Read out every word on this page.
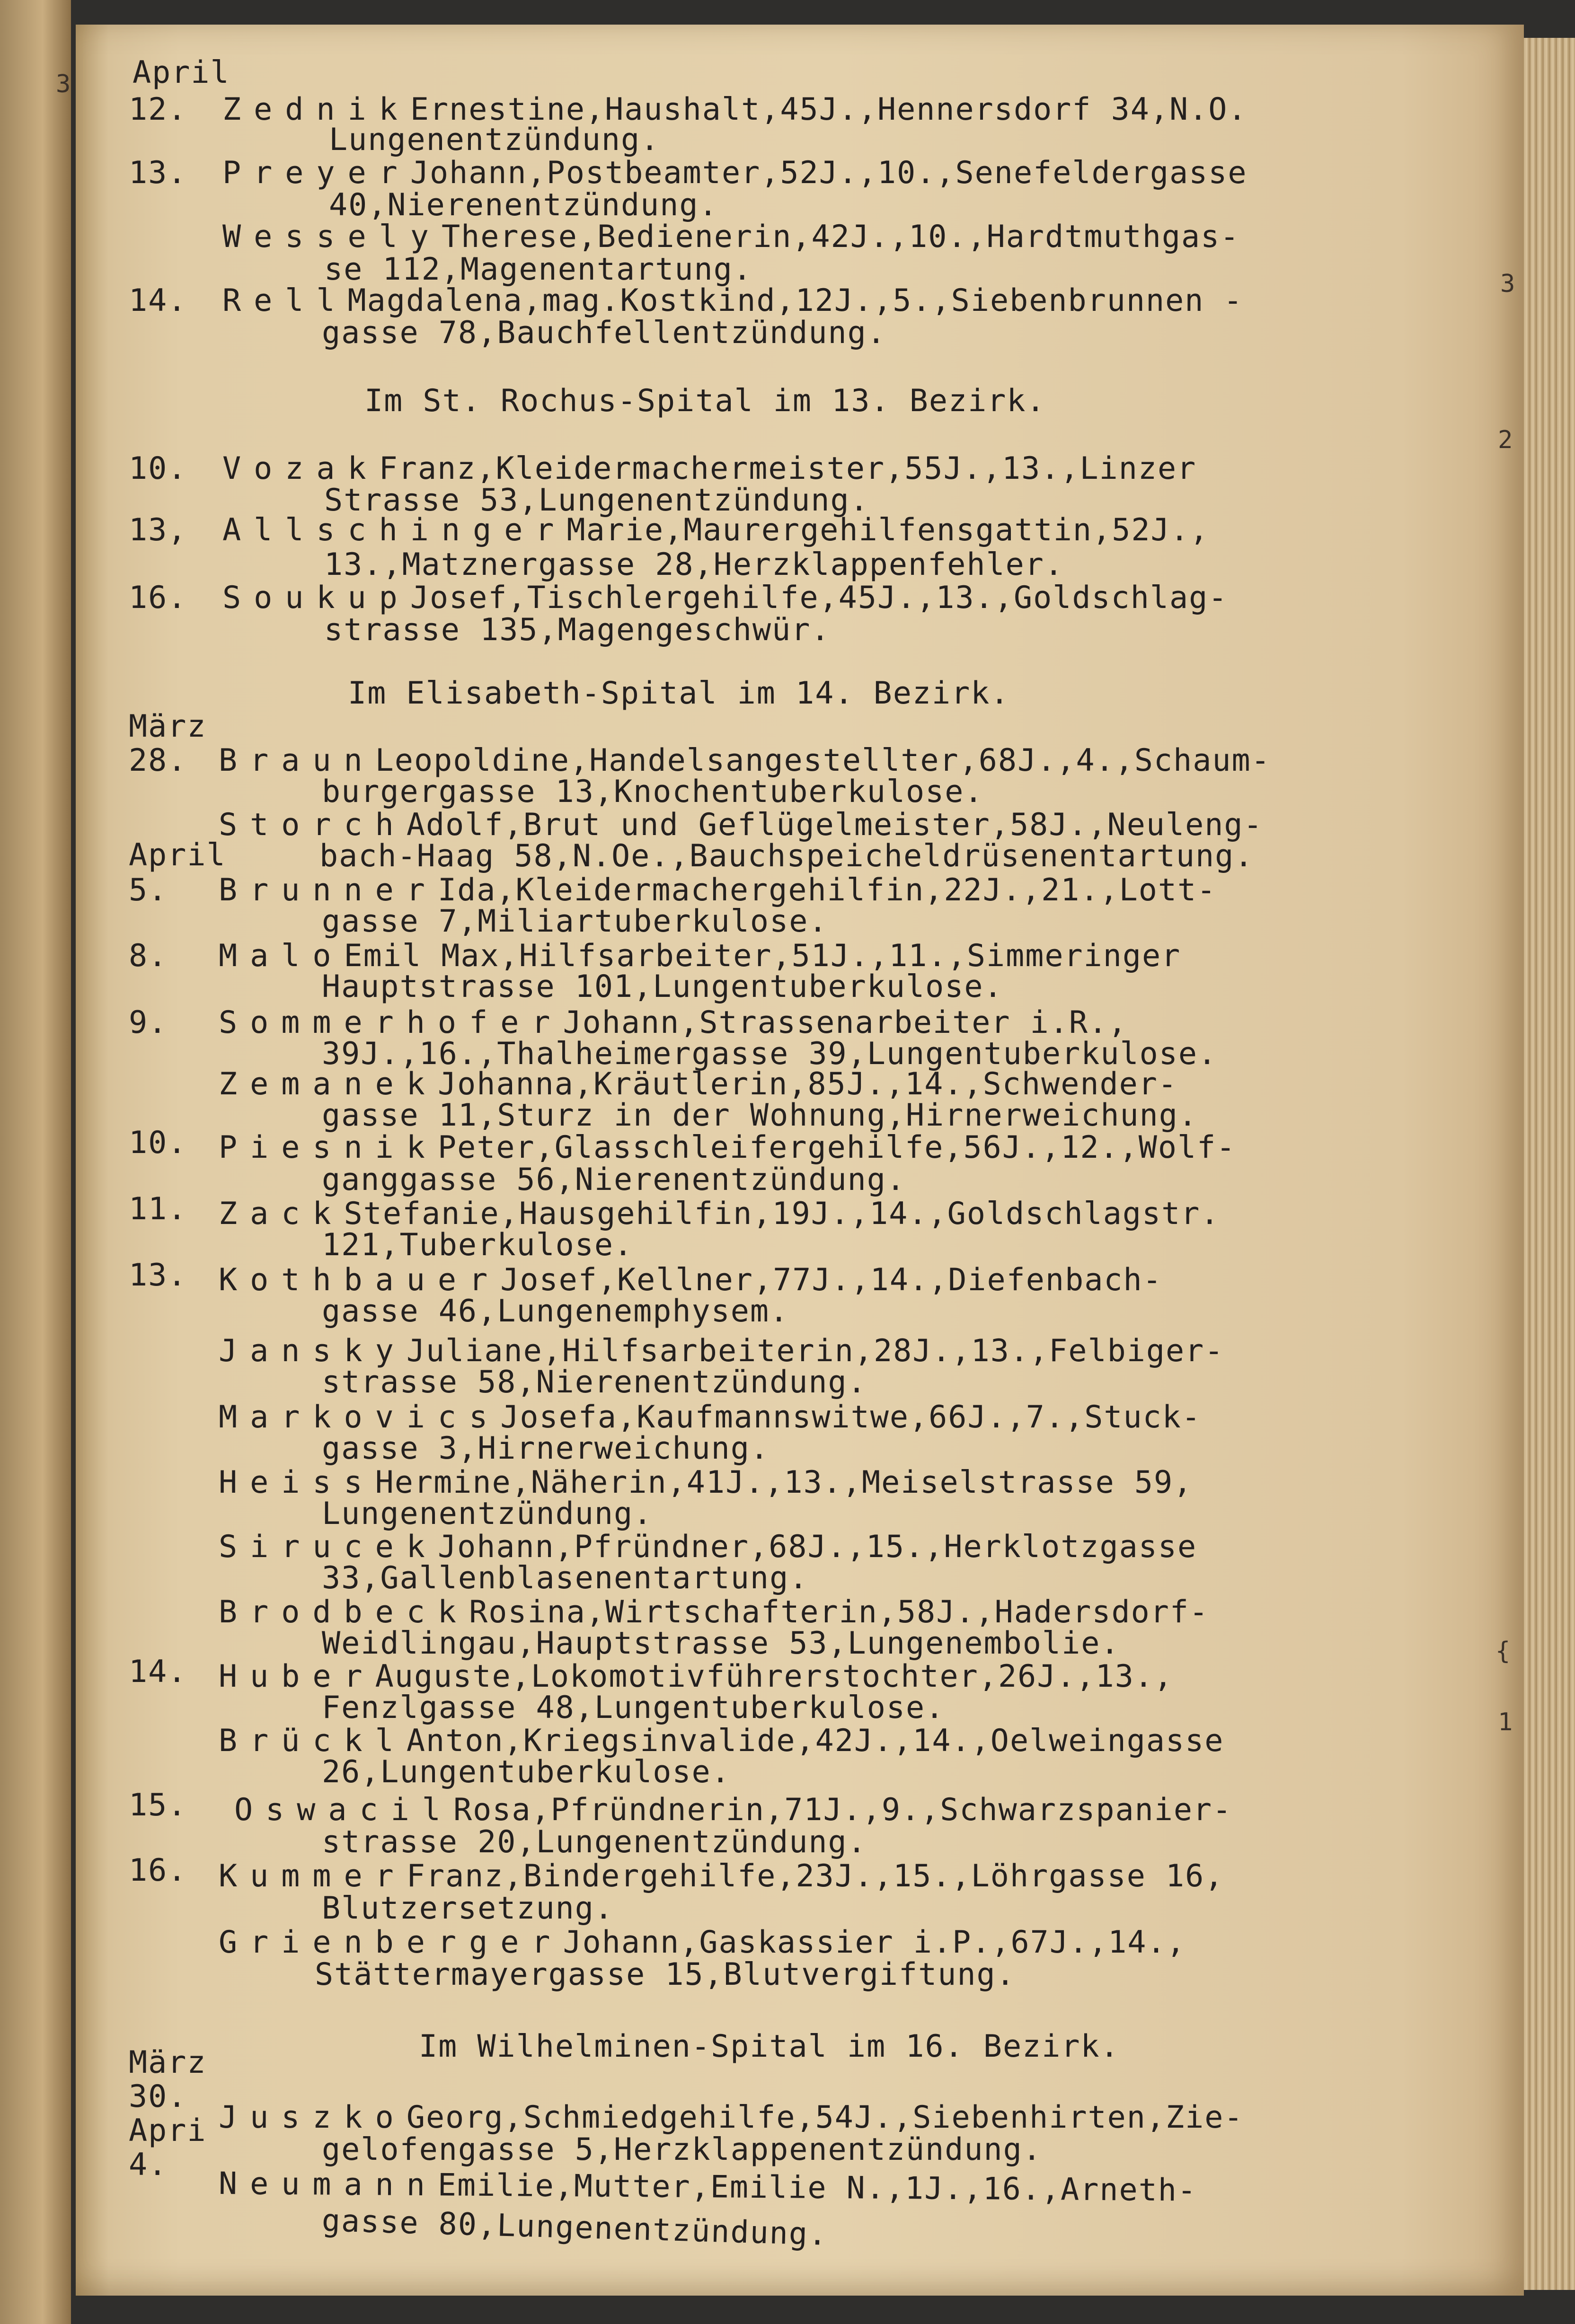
3 April
März
April
März
Apri
12.
13.
14.
10.
13,
16.
28.
5.
8.
9.
10.
11.
13.
14.
15.
16.
30.
4.
Im St. Rochus-Spital im 13. Bezirk.
Im Elisabeth-Spital im 14. Bezirk.
Im Wilhelminen-Spital im 16. Bezirk.
ZednikErnestine,Haushalt,45J.,Hennersdorf 34,N.O.
Lungenentzündung.
PreyerJohann,Postbeamter,52J.,10.,Senefeldergasse
40,Nierenentzündung.
WesselyTherese,Bedienerin,42J.,10.,Hardtmuthgas-
se 112,Magenentartung.
RellMagdalena,mag.Kostkind,12J.,5.,Siebenbrunnen -
gasse 78,Bauchfellentzündung.
VozakFranz,Kleidermachermeister,55J.,13.,Linzer
Strasse 53,Lungenentzündung.
AllschingerMarie,Maurergehilfensgattin,52J.,
13.,Matznergasse 28,Herzklappenfehler.
SoukupJosef,Tischlergehilfe,45J.,13.,Goldschlag-
strasse 135,Magengeschwür.
BraunLeopoldine,Handelsangestellter,68J.,4.,Schaum-
burgergasse 13,Knochentuberkulose.
StorchAdolf,Brut und Geflügelmeister,58J.,Neuleng-
bach-Haag 58,N.Oe.,Bauchspeicheldrüsenentartung.
BrunnerIda,Kleidermachergehilfin,22J.,21.,Lott-
gasse 7,Miliartuberkulose.
MaloEmil Max,Hilfsarbeiter,51J.,11.,Simmeringer
Hauptstrasse 101,Lungentuberkulose.
SommerhoferJohann,Strassenarbeiter i.R.,
39J.,16.,Thalheimergasse 39,Lungentuberkulose.
ZemanekJohanna,Kräutlerin,85J.,14.,Schwender-
gasse 11,Sturz in der Wohnung,Hirnerweichung.
PiesnikPeter,Glasschleifergehilfe,56J.,12.,Wolf-
ganggasse 56,Nierenentzündung.
ZackStefanie,Hausgehilfin,19J.,14.,Goldschlagstr.
121,Tuberkulose.
KothbauerJosef,Kellner,77J.,14.,Diefenbach-
gasse 46,Lungenemphysem.
JanskyJuliane,Hilfsarbeiterin,28J.,13.,Felbiger-
strasse 58,Nierenentzündung.
MarkovicsJosefa,Kaufmannswitwe,66J.,7.,Stuck-
gasse 3,Hirnerweichung.
HeissHermine,Näherin,41J.,13.,Meiselstrasse 59,
Lungenentzündung.
SirucekJohann,Pfründner,68J.,15.,Herklotzgasse
33,Gallenblasenentartung.
BrodbeckRosina,Wirtschafterin,58J.,Hadersdorf-
Weidlingau,Hauptstrasse 53,Lungenembolie.
HuberAuguste,Lokomotivführerstochter,26J.,13.,
Fenzlgasse 48,Lungentuberkulose.
BrücklAnton,Kriegsinvalide,42J.,14.,Oelweingasse
26,Lungentuberkulose.
OswacilRosa,Pfründnerin,71J.,9.,Schwarzspanier-
strasse 20,Lungenentzündung.
KummerFranz,Bindergehilfe,23J.,15.,Löhrgasse 16,
Blutzersetzung.
GrienbergerJohann,Gaskassier i.P.,67J.,14.,
Stättermayergasse 15,Blutvergiftung.
JuszkoGeorg,Schmiedgehilfe,54J.,Siebenhirten,Zie-
gelofengasse 5,Herzklappenentzündung.
NeumannEmilie,Mutter,Emilie N.,1J.,16.,Arneth-
gasse 80,Lungenentzündung.
3
2
{
1
